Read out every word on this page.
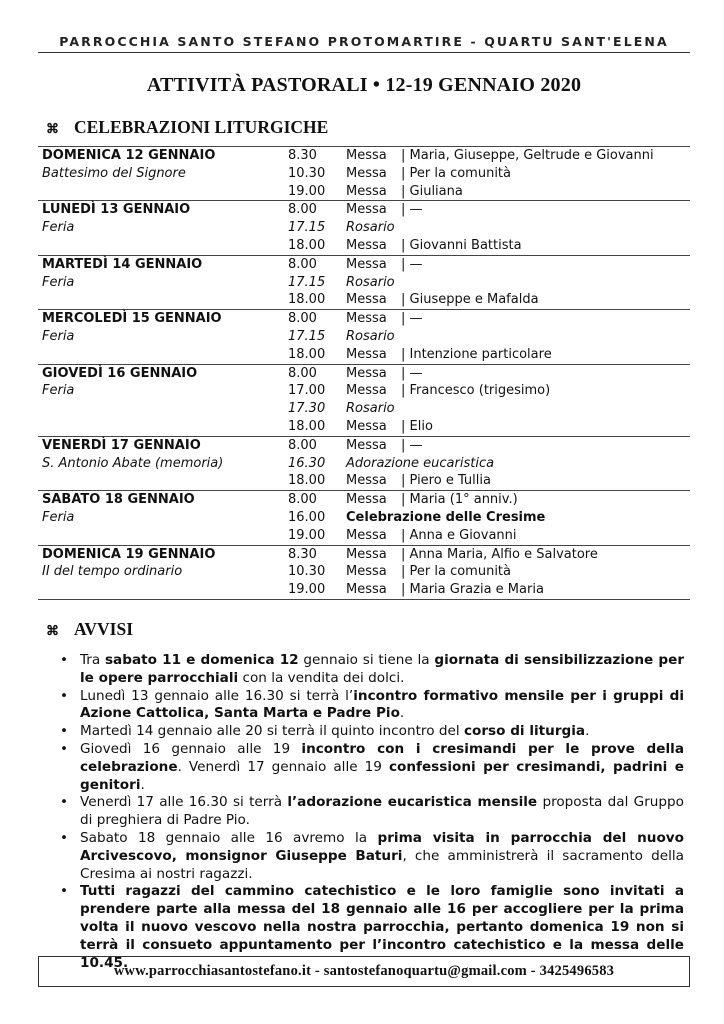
PARROCCHIA SANTO STEFANO PROTOMARTIRE - QUARTU SANT'ELENA
ATTIVITÀ PASTORALI • 12-19 GENNAIO 2020
⌘ CELEBRAZIONI LITURGICHE
DOMENICA 12 GENNAIO	8.30	Messa	| Maria, Giuseppe, Geltrude e Giovanni
Battesimo del Signore	10.30	Messa	| Per la comunità
	19.00	Messa	| Giuliana
LUNEDÌ 13 GENNAIO	8.00	Messa	| —
Feria	17.15	Rosario	
	18.00	Messa	| Giovanni Battista
MARTEDÌ 14 GENNAIO	8.00	Messa	| —
Feria	17.15	Rosario	
	18.00	Messa	| Giuseppe e Mafalda
MERCOLEDÌ 15 GENNAIO	8.00	Messa	| —
Feria	17.15	Rosario	
	18.00	Messa	| Intenzione particolare
GIOVEDÌ 16 GENNAIO	8.00	Messa	| —
Feria	17.00	Messa	| Francesco (trigesimo)
	17.30	Rosario	
	18.00	Messa	| Elio
VENERDÌ 17 GENNAIO	8.00	Messa	| —
S. Antonio Abate (memoria)	16.30	Adorazione eucaristica	
	18.00	Messa	| Piero e Tullia
SABATO 18 GENNAIO	8.00	Messa	| Maria (1° anniv.)
Feria	16.00	Celebrazione delle Cresime	
	19.00	Messa	| Anna e Giovanni
DOMENICA 19 GENNAIO	8.30	Messa	| Anna Maria, Alfio e Salvatore
II del tempo ordinario	10.30	Messa	| Per la comunità
	19.00	Messa	| Maria Grazia e Maria
⌘ AVVISI
• Tra sabato 11 e domenica 12 gennaio si tiene la giornata di sensibilizzazione per le opere parrocchiali con la vendita dei dolci.
• Lunedì 13 gennaio alle 16.30 si terrà l’incontro formativo mensile per i gruppi di Azione Cattolica, Santa Marta e Padre Pio.
• Martedì 14 gennaio alle 20 si terrà il quinto incontro del corso di liturgia.
• Giovedì 16 gennaio alle 19 incontro con i cresimandi per le prove della celebrazione. Venerdì 17 gennaio alle 19 confessioni per cresimandi, padrini e genitori.
• Venerdì 17 alle 16.30 si terrà l’adorazione eucaristica mensile proposta dal Gruppo di preghiera di Padre Pio.
• Sabato 18 gennaio alle 16 avremo la prima visita in parrocchia del nuovo Arcivescovo, monsignor Giuseppe Baturi, che amministrerà il sacramento della Cresima ai nostri ragazzi.
• Tutti ragazzi del cammino catechistico e le loro famiglie sono invitati a prendere parte alla messa del 18 gennaio alle 16 per accogliere per la prima volta il nuovo vescovo nella nostra parrocchia, pertanto domenica 19 non si terrà il consueto appuntamento per l’incontro catechistico e la messa delle 10.45.
www.parrocchiasantostefano.it - santostefanoquartu@gmail.com - 3425496583
